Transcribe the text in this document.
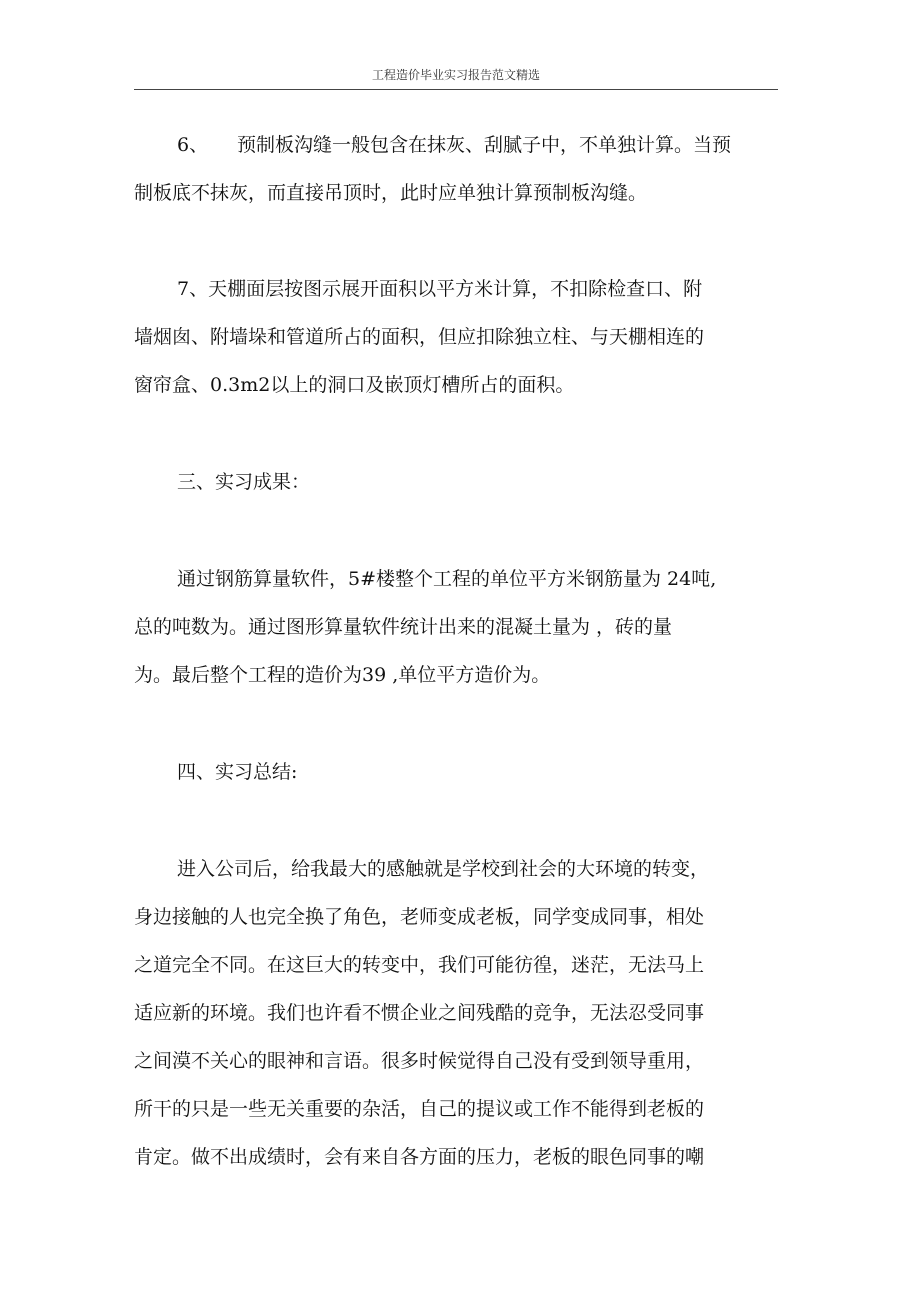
工程造价毕业实习报告范文精选
6、 预制板沟缝一般包含在抹灰、刮腻子中，不单独计算。当预
制板底不抹灰，而直接吊顶时，此时应单独计算预制板沟缝。
7、天棚面层按图示展开面积以平方米计算，不扣除检查口、附
墙烟囱、附墙垛和管道所占的面积，但应扣除独立柱、与天棚相连的
窗帘盒、0.3m2以上的洞口及嵌顶灯槽所占的面积。
三、实习成果：
通过钢筋算量软件，5#楼整个工程的单位平方米钢筋量为 24吨,
总的吨数为。通过图形算量软件统计出来的混凝土量为 ，砖的量
为。最后整个工程的造价为39 ,单位平方造价为。
四、实习总结:
进入公司后，给我最大的感触就是学校到社会的大环境的转变，
身边接触的人也完全换了角色，老师变成老板，同学变成同事，相处
之道完全不同。在这巨大的转变中，我们可能彷徨，迷茫，无法马上
适应新的环境。我们也许看不惯企业之间残酷的竞争，无法忍受同事
之间漠不关心的眼神和言语。很多时候觉得自己没有受到领导重用，
所干的只是一些无关重要的杂活，自己的提议或工作不能得到老板的
肯定。做不出成绩时，会有来自各方面的压力，老板的眼色同事的嘲
